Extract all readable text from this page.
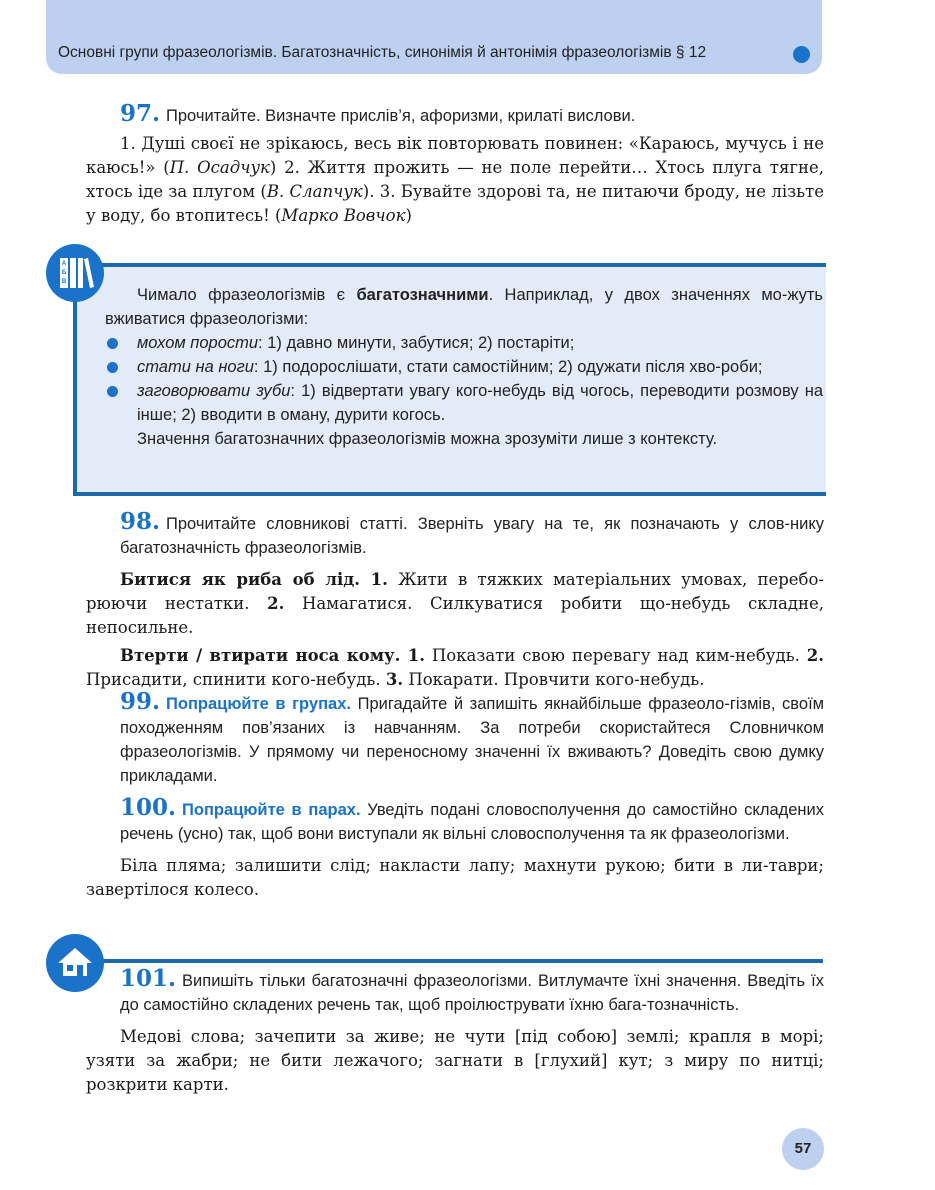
Основні групи фразеологізмів. Багатозначність, синонімія й антонімія фразеологізмів § 12

97. Прочитайте. Визначте прислів’я, афоризми, крилаті вислови.

1. Душі своєї не зрікаюсь, весь вік повторювать повинен: «Караюсь, мучусь і не каюсь!» (П. Осадчук) 2. Життя прожить — не поле перейти… Хтось плуга тягне, хтось іде за плугом (В. Слапчук). 3. Бувайте здорові та, не питаючи броду, не лізьте у воду, бо втопитесь! (Марко Вовчок)

А
Б
В

Чимало фразеологізмів є багатозначними. Наприклад, у двох значеннях мо-жуть вживатися фразеологізми:

мохом порости: 1) давно минути, забутися; 2) постаріти;
стати на ноги: 1) подорослішати, стати самостійним; 2) одужати після хво-роби;
заговорювати зуби: 1) відвертати увагу кого-небудь від чогось, переводити розмову на інше; 2) вводити в оману, дурити когось.

Значення багатозначних фразеологізмів можна зрозуміти лише з контексту.

98. Прочитайте словникові статті. Зверніть увагу на те, як позначають у слов-нику багатозначність фразеологізмів.

Битися як риба об лід. 1. Жити в тяжких матеріальних умовах, перебо-рюючи нестатки. 2. Намагатися. Силкуватися робити що-небудь складне, непосильне.

Втерти / втирати носа кому. 1. Показати свою перевагу над ким-небудь. 2. Присадити, спинити кого-небудь. 3. Покарати. Провчити кого-небудь.

99. Попрацюйте в групах. Пригадайте й запишіть якнайбільше фразеоло-гізмів, своїм походженням пов’язаних із навчанням. За потреби скористайтеся Словничком фразеологізмів. У прямому чи переносному значенні їх вживають? Доведіть свою думку прикладами.

100. Попрацюйте в парах. Уведіть подані словосполучення до самостійно складених речень (усно) так, щоб вони виступали як вільні словосполучення та як фразеологізми.

Біла пляма; залишити слід; накласти лапу; махнути рукою; бити в ли-таври; завертілося колесо.

101. Випишіть тільки багатозначні фразеологізми. Витлумачте їхні значення. Введіть їх до самостійно складених речень так, щоб проілюструвати їхню бага-тозначність.

Медові слова; зачепити за живе; не чути [під собою] землі; крапля в морі; узяти за жабри; не бити лежачого; загнати в [глухий] кут; з миру по нитці; розкрити карти.

57
